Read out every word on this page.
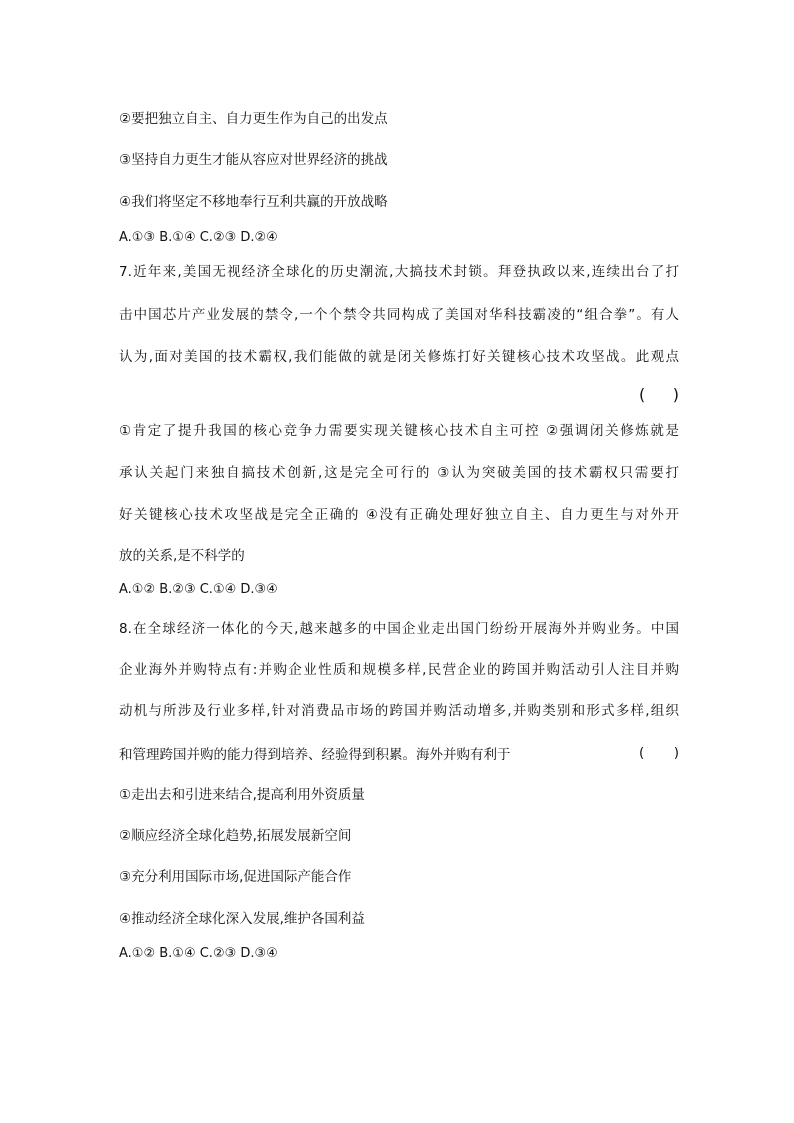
②要把独立自主、自力更生作为自己的出发点
③坚持自力更生才能从容应对世界经济的挑战
④我们将坚定不移地奉行互利共赢的开放战略
A.①③ B.①④ C.②③ D.②④
7.近年来,美国无视经济全球化的历史潮流,大搞技术封锁。拜登执政以来,连续出台了打
击中国芯片产业发展的禁令,一个个禁令共同构成了美国对华科技霸凌的“组合拳”。有人
认为,面对美国的技术霸权,我们能做的就是闭关修炼打好关键核心技术攻坚战。此观点
( )
①肯定了提升我国的核心竞争力需要实现关键核心技术自主可控 ②强调闭关修炼就是
承认关起门来独自搞技术创新,这是完全可行的 ③认为突破美国的技术霸权只需要打
好关键核心技术攻坚战是完全正确的 ④没有正确处理好独立自主、自力更生与对外开
放的关系,是不科学的
A.①② B.②③ C.①④ D.③④
8.在全球经济一体化的今天,越来越多的中国企业走出国门纷纷开展海外并购业务。中国
企业海外并购特点有:并购企业性质和规模多样,民营企业的跨国并购活动引人注目并购
动机与所涉及行业多样,针对消费品市场的跨国并购活动增多,并购类别和形式多样,组织
和管理跨国并购的能力得到培养、经验得到积累。海外并购有利于	( )
①走出去和引进来结合,提高利用外资质量
②顺应经济全球化趋势,拓展发展新空间
③充分利用国际市场,促进国际产能合作
④推动经济全球化深入发展,维护各国利益
A.①② B.①④ C.②③ D.③④
